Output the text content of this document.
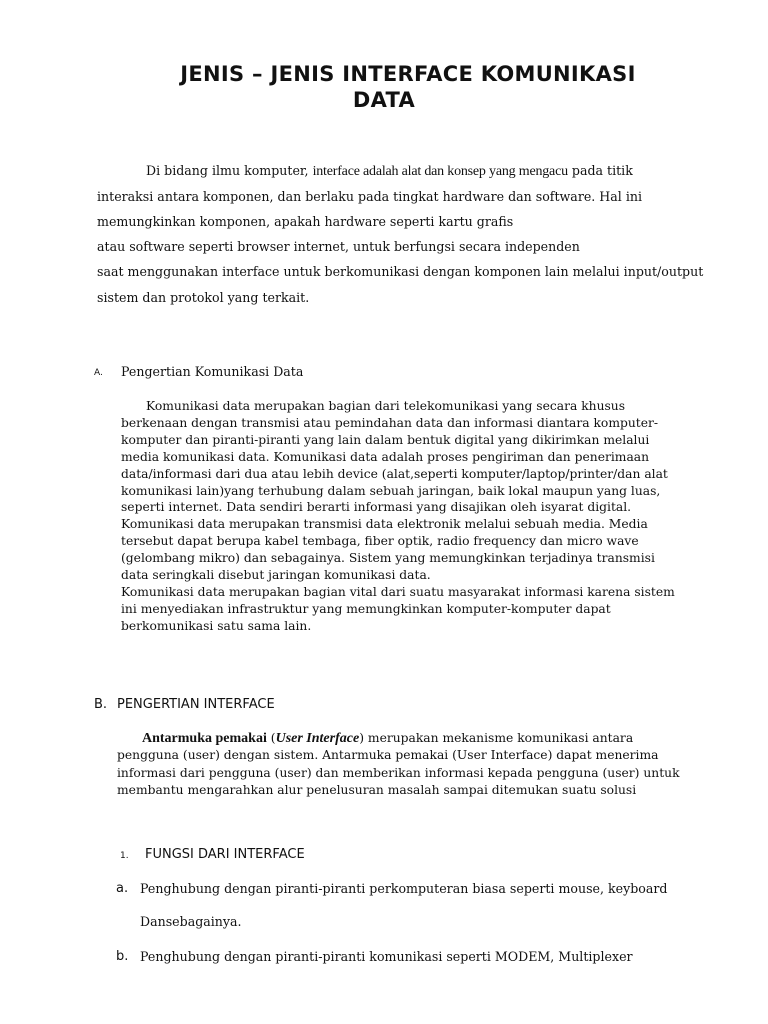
JENIS – JENIS INTERFACE KOMUNIKASI
DATA
Di bidang ilmu komputer, interface adalah alat dan konsep yang mengacu pada titik
interaksi antara komponen, dan berlaku pada tingkat hardware dan software. Hal ini
memungkinkan komponen, apakah hardware seperti kartu grafis
atau software seperti browser internet, untuk berfungsi secara independen
saat menggunakan interface untuk berkomunikasi dengan komponen lain melalui input/output
sistem dan protokol yang terkait.
A. Pengertian Komunikasi Data

Komunikasi data merupakan bagian dari telekomunikasi yang secara khusus berkenaan dengan transmisi atau pemindahan data dan informasi diantara komputer-komputer dan piranti-piranti yang lain dalam bentuk digital yang dikirimkan melalui media komunikasi data. Komunikasi data adalah proses pengiriman dan penerimaan data/informasi dari dua atau lebih device (alat,seperti komputer/laptop/printer/dan alat komunikasi lain)yang terhubung dalam sebuah jaringan, baik lokal maupun yang luas, seperti internet. Data sendiri berarti informasi yang disajikan oleh isyarat digital. Komunikasi data merupakan transmisi data elektronik melalui sebuah media. Media tersebut dapat berupa kabel tembaga, fiber optik, radio frequency dan micro wave (gelombang mikro) dan sebagainya. Sistem yang memungkinkan terjadinya transmisi data seringkali disebut jaringan komunikasi data.

Komunikasi data merupakan bagian vital dari suatu masyarakat informasi karena sistem ini menyediakan infrastruktur yang memungkinkan komputer-komputer dapat berkomunikasi satu sama lain.

B. PENGERTIAN INTERFACE
Antarmuka pemakai (User Interface) merupakan mekanisme komunikasi antara pengguna (user) dengan sistem. Antarmuka pemakai (User Interface) dapat menerima informasi dari pengguna (user) dan memberikan informasi kepada pengguna (user) untuk membantu mengarahkan alur penelusuran masalah sampai ditemukan suatu solusi
1. FUNGSI DARI INTERFACE
a. Penghubung dengan piranti-piranti perkomputeran biasa seperti mouse, keyboard
Dansebagainya.
b. Penghubung dengan piranti-piranti komunikasi seperti MODEM, Multiplexer
